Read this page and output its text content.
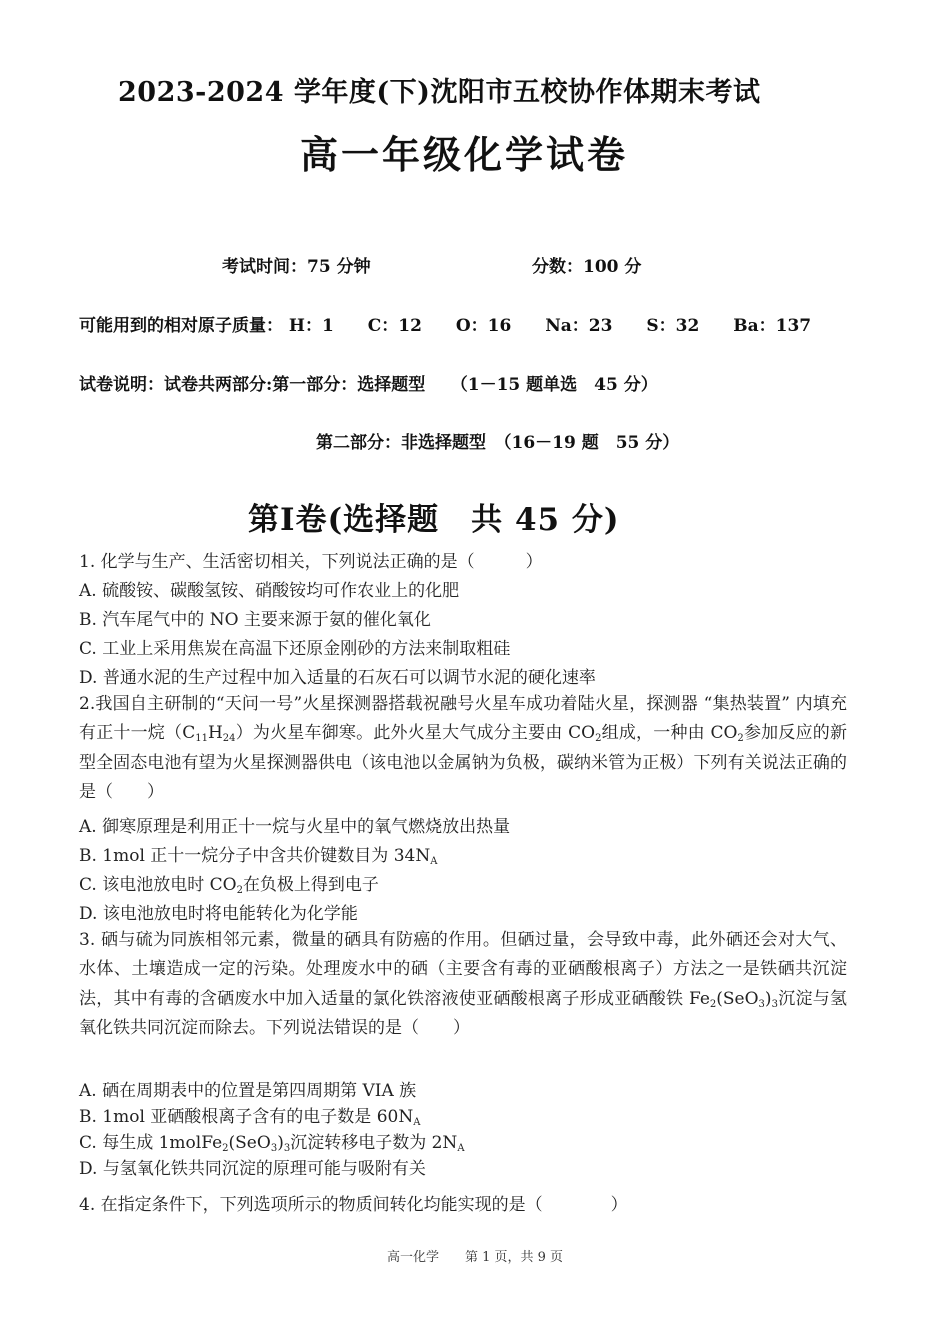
2023-2024 学年度(下)沈阳市五校协作体期末考试
高一年级化学试卷
考试时间：75 分钟	分数：100 分
可能用到的相对原子质量： H：1 C：12 O：16 Na：23 S：32 Ba：137
试卷说明：试卷共两部分:第一部分：选择题型　　（1－15 题单选　45 分）
第二部分：非选择题型　（16－19 题　55 分）
第Ⅰ卷(选择题　共 45 分)
1. 化学与生产、生活密切相关，下列说法正确的是（　　　）
A. 硫酸铵、碳酸氢铵、硝酸铵均可作农业上的化肥
B. 汽车尾气中的 NO 主要来源于氨的催化氧化
C. 工业上采用焦炭在高温下还原金刚砂的方法来制取粗硅
D. 普通水泥的生产过程中加入适量的石灰石可以调节水泥的硬化速率
2.我国自主研制的“天问一号”火星探测器搭载祝融号火星车成功着陆火星，探测器 “集热装置” 内填充有正十一烷$(C_{11}H_{24})$为火星车御寒。此外火星大气成分主要由 $CO_2$组成，一种由 $CO_2$参加反应的新型全固态电池有望为火星探测器供电（该电池以金属钠为负极，碳纳米管为正极）下列有关说法正确的是（　　）
A. 御寒原理是利用正十一烷与火星中的氧气燃烧放出热量
B. 1mol 正十一烷分子中含共价键数目为 $34N_A$
C. 该电池放电时 $CO_2$在负极上得到电子
D. 该电池放电时将电能转化为化学能
3. 硒与硫为同族相邻元素，微量的硒具有防癌的作用。但硒过量，会导致中毒，此外硒还会对大气、水体、土壤造成一定的污染。处理废水中的硒（主要含有毒的亚硒酸根离子）方法之一是铁硒共沉淀法，其中有毒的含硒废水中加入适量的氯化铁溶液使亚硒酸根离子形成亚硒酸铁 $Fe_2(SeO_3)_3$沉淀与氢氧化铁共同沉淀而除去。下列说法错误的是（　　）
A. 硒在周期表中的位置是第四周期第 VIA 族
B. 1mol 亚硒酸根离子含有的电子数是 $60N_A$
C. 每生成 $1molFe_2(SeO_3)_3$沉淀转移电子数为 $2N_A$
D. 与氢氧化铁共同沉淀的原理可能与吸附有关
4. 在指定条件下，下列选项所示的物质间转化均能实现的是（　　　　）
高一化学　　第 1 页，共 9 页
